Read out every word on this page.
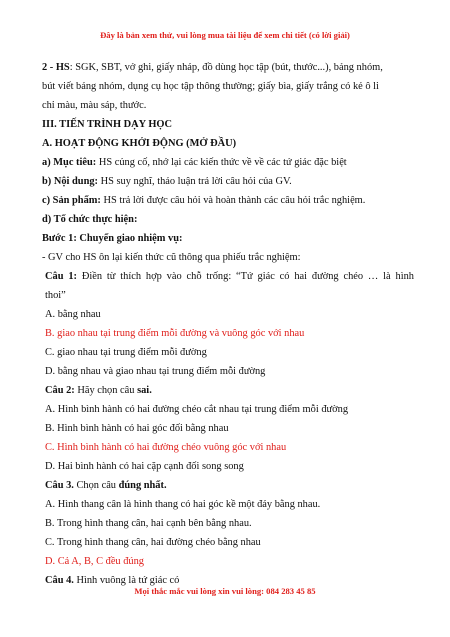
Đây là bản xem thử, vui lòng mua tài liệu để xem chi tiết (có lời giải)

2 - HS: SGK, SBT, vở ghi, giấy nháp, đồ dùng học tập (bút, thước...), bảng nhóm,

bút viết bảng nhóm, dụng cụ học tập thông thường; giấy bìa, giấy trắng có kẻ ô li

chỉ màu, màu sáp, thước.

III. TIẾN TRÌNH DẠY HỌC

A. HOẠT ĐỘNG KHỞI ĐỘNG (MỞ ĐẦU)

a) Mục tiêu: HS củng cố, nhớ lại các kiến thức về về các tứ giác đặc biệt

b) Nội dung: HS suy nghĩ, thảo luận trả lời câu hỏi của GV.

c) Sản phẩm: HS trả lời được câu hỏi và hoàn thành các câu hỏi trắc nghiệm.

d) Tổ chức thực hiện:

Bước 1: Chuyển giao nhiệm vụ:

- GV cho HS ôn lại kiến thức cũ thông qua phiếu trắc nghiệm:

Câu 1: Điền từ thích hợp vào chỗ trống: “Tứ giác có hai đường chéo … là hình

thoi”

A. bằng nhau

B. giao nhau tại trung điểm mỗi đường và vuông góc với nhau

C. giao nhau tại trung điểm mỗi đường

D. bằng nhau và giao nhau tại trung điểm mỗi đường

Câu 2: Hãy chọn câu sai.

A. Hình bình hành có hai đường chéo cắt nhau tại trung điểm mỗi đường

B. Hình bình hành có hai góc đối bằng nhau

C. Hình bình hành có hai đường chéo vuông góc với nhau

D. Hai bình hành có hai cặp cạnh đối song song

Câu 3. Chọn câu đúng nhất.

A. Hình thang cân là hình thang có hai góc kề một đáy bằng nhau.

B. Trong hình thang cân, hai cạnh bên bằng nhau.

C. Trong hình thang cân, hai đường chéo bằng nhau

D. Cả A, B, C đều đúng

Câu 4. Hình vuông là tứ giác có

Mọi thắc mắc vui lòng xin vui lòng: 084 283 45 85
